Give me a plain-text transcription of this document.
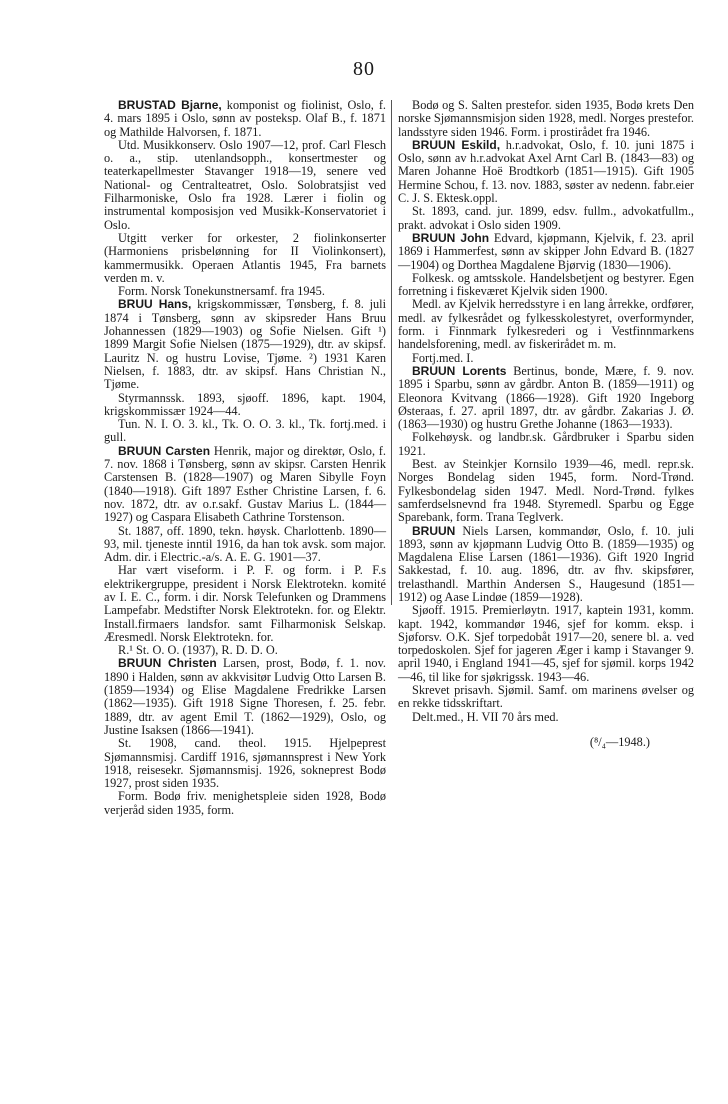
80

BRUSTAD Bjarne, komponist og fiolinist, Oslo, f. 4. mars 1895 i Oslo, sønn av posteksp. Olaf B., f. 1871 og Mathilde Halvorsen, f. 1871.

Utd. Musikkonserv. Oslo 1907—12, prof. Carl Flesch o. a., stip. utenlandsopph., konsertmester og teaterkapellmester Stavanger 1918—19, senere ved National- og Centralteatret, Oslo. Solobratsjist ved Filharmoniske, Oslo fra 1928. Lærer i fiolin og instrumental komposisjon ved Musikk-Konservatoriet i Oslo.

Utgitt verker for orkester, 2 fiolinkonserter (Harmoniens prisbelønning for II Violinkonsert), kammermusikk. Operaen Atlantis 1945, Fra barnets verden m. v.

Form. Norsk Tonekunstnersamf. fra 1945.

BRUU Hans, krigskommissær, Tønsberg, f. 8. juli 1874 i Tønsberg, sønn av skipsreder Hans Bruu Johannessen (1829—1903) og Sofie Nielsen. Gift ¹) 1899 Margit Sofie Nielsen (1875—1929), dtr. av skipsf. Lauritz N. og hustru Lovise, Tjøme. ²) 1931 Karen Nielsen, f. 1883, dtr. av skipsf. Hans Christian N., Tjøme.

Styrmannssk. 1893, sjøoff. 1896, kapt. 1904, krigskommissær 1924—44.

Tun. N. I. O. 3. kl., Tk. O. O. 3. kl., Tk. fortj.med. i gull.

BRUUN Carsten Henrik, major og direktør, Oslo, f. 7. nov. 1868 i Tønsberg, sønn av skipsr. Carsten Henrik Carstensen B. (1828—1907) og Maren Sibylle Foyn (1840—1918). Gift 1897 Esther Christine Larsen, f. 6. nov. 1872, dtr. av o.r.sakf. Gustav Marius L. (1844—1927) og Caspara Elisabeth Cathrine Torstenson.

St. 1887, off. 1890, tekn. høysk. Charlottenb. 1890—93, mil. tjeneste inntil 1916, da han tok avsk. som major. Adm. dir. i Electric.-a/s. A. E. G. 1901—37.

Har vært viseform. i P. F. og form. i P. F.s elektrikergruppe, president i Norsk Elektrotekn. komité av I. E. C., form. i dir. Norsk Telefunken og Drammens Lampefabr. Medstifter Norsk Elektrotekn. for. og Elektr. Install.firmaers landsfor. samt Filharmonisk Selskap. Æresmedl. Norsk Elektrotekn. for.

R.¹ St. O. O. (1937), R. D. D. O.

BRUUN Christen Larsen, prost, Bodø, f. 1. nov. 1890 i Halden, sønn av akkvisitør Ludvig Otto Larsen B. (1859—1934) og Elise Magdalene Fredrikke Larsen (1862—1935). Gift 1918 Signe Thoresen, f. 25. febr. 1889, dtr. av agent Emil T. (1862—1929), Oslo, og Justine Isaksen (1866—1941).

St. 1908, cand. theol. 1915. Hjelpeprest Sjømannsmisj. Cardiff 1916, sjømannsprest i New York 1918, reisesekr. Sjømannsmisj. 1926, sokneprest Bodø 1927, prost siden 1935.

Form. Bodø friv. menighetspleie siden 1928, Bodø verjeråd siden 1935, form.

Bodø og S. Salten prestefor. siden 1935, Bodø krets Den norske Sjømannsmisjon siden 1928, medl. Norges prestefor. landsstyre siden 1946. Form. i prostirådet fra 1946.

BRUUN Eskild, h.r.advokat, Oslo, f. 10. juni 1875 i Oslo, sønn av h.r.advokat Axel Arnt Carl B. (1843—83) og Maren Johanne Hoë Brodtkorb (1851—1915). Gift 1905 Hermine Schou, f. 13. nov. 1883, søster av nedenn. fabr.eier C. J. S. Ektesk.oppl.

St. 1893, cand. jur. 1899, edsv. fullm., advokatfullm., prakt. advokat i Oslo siden 1909.

BRUUN John Edvard, kjøpmann, Kjelvik, f. 23. april 1869 i Hammerfest, sønn av skipper John Edvard B. (1827—1904) og Dorthea Magdalene Bjørvig (1830—1906).

Folkesk. og amtsskole. Handelsbetjent og bestyrer. Egen forretning i fiskeværet Kjelvik siden 1900.

Medl. av Kjelvik herredsstyre i en lang årrekke, ordfører, medl. av fylkesrådet og fylkesskolestyret, overformynder, form. i Finnmark fylkesrederi og i Vestfinnmarkens handelsforening, medl. av fiskerirådet m. m.

Fortj.med. I.

BRUUN Lorents Bertinus, bonde, Mære, f. 9. nov. 1895 i Sparbu, sønn av gårdbr. Anton B. (1859—1911) og Eleonora Kvitvang (1866—1928). Gift 1920 Ingeborg Østeraas, f. 27. april 1897, dtr. av gårdbr. Zakarias J. Ø. (1863—1930) og hustru Grethe Johanne (1863—1933).

Folkehøysk. og landbr.sk. Gårdbruker i Sparbu siden 1921.

Best. av Steinkjer Kornsilo 1939—46, medl. repr.sk. Norges Bondelag siden 1945, form. Nord-Trønd. Fylkesbondelag siden 1947. Medl. Nord-Trønd. fylkes samferdselsnevnd fra 1948. Styremedl. Sparbu og Egge Sparebank, form. Trana Teglverk.

BRUUN Niels Larsen, kommandør, Oslo, f. 10. juli 1893, sønn av kjøpmann Ludvig Otto B. (1859—1935) og Magdalena Elise Larsen (1861—1936). Gift 1920 Ingrid Sakkestad, f. 10. aug. 1896, dtr. av fhv. skipsfører, trelasthandl. Marthin Andersen S., Haugesund (1851—1912) og Aase Lindøe (1859—1928).

Sjøoff. 1915. Premierløytn. 1917, kaptein 1931, komm. kapt. 1942, kommandør 1946, sjef for komm. eksp. i Sjøforsv. O.K. Sjef torpedobåt 1917—20, senere bl. a. ved torpedoskolen. Sjef for jageren Æger i kamp i Stavanger 9. april 1940, i England 1941—45, sjef for sjømil. korps 1942—46, til like for sjøkrigssk. 1943—46.

Skrevet prisavh. Sjømil. Samf. om marinens øvelser og en rekke tidsskriftart.

Delt.med., H. VII 70 års med.

(⁸/₄—1948.)
